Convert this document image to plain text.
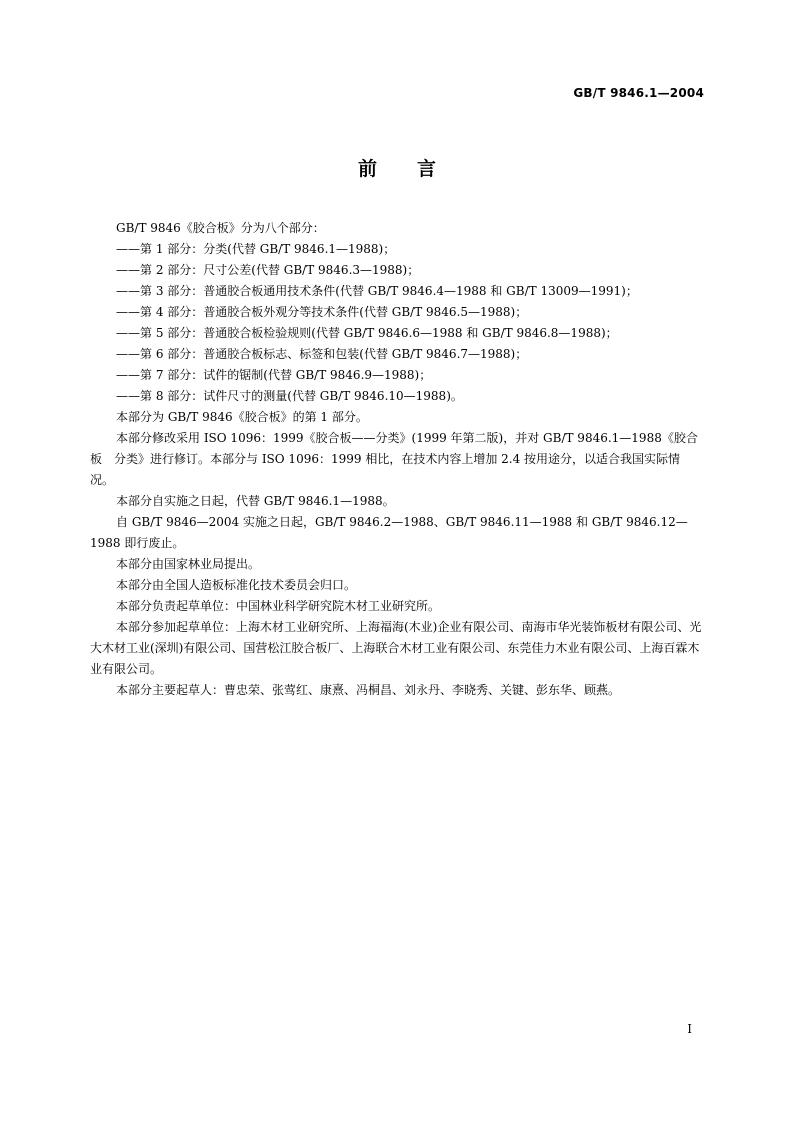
GB/T 9846.1—2004
前言

GB/T 9846《胶合板》分为八个部分：

——第 1 部分：分类(代替 GB/T 9846.1—1988)；

——第 2 部分：尺寸公差(代替 GB/T 9846.3—1988)；

——第 3 部分：普通胶合板通用技术条件(代替 GB/T 9846.4—1988 和 GB/T 13009—1991)；

——第 4 部分：普通胶合板外观分等技术条件(代替 GB/T 9846.5—1988)；

——第 5 部分：普通胶合板检验规则(代替 GB/T 9846.6—1988 和 GB/T 9846.8—1988)；

——第 6 部分：普通胶合板标志、标签和包装(代替 GB/T 9846.7—1988)；

——第 7 部分：试件的锯制(代替 GB/T 9846.9—1988)；

——第 8 部分：试件尺寸的测量(代替 GB/T 9846.10—1988)。

本部分为 GB/T 9846《胶合板》的第 1 部分。

本部分修改采用 ISO 1096：1999《胶合板——分类》(1999 年第二版)，并对 GB/T 9846.1—1988《胶合板　分类》进行修订。本部分与 ISO 1096：1999 相比，在技术内容上增加 2.4 按用途分，以适合我国实际情况。

本部分自实施之日起，代替 GB/T 9846.1—1988。

自 GB/T 9846—2004 实施之日起，GB/T 9846.2—1988、GB/T 9846.11—1988 和 GB/T 9846.12—1988 即行废止。

本部分由国家林业局提出。

本部分由全国人造板标准化技术委员会归口。

本部分负责起草单位：中国林业科学研究院木材工业研究所。

本部分参加起草单位：上海木材工业研究所、上海福海(木业)企业有限公司、南海市华光装饰板材有限公司、光大木材工业(深圳)有限公司、国营松江胶合板厂、上海联合木材工业有限公司、东莞佳力木业有限公司、上海百霖木业有限公司。

本部分主要起草人：曹忠荣、张莺红、康熹、冯桐昌、刘永丹、李晓秀、关键、彭东华、顾燕。

I
